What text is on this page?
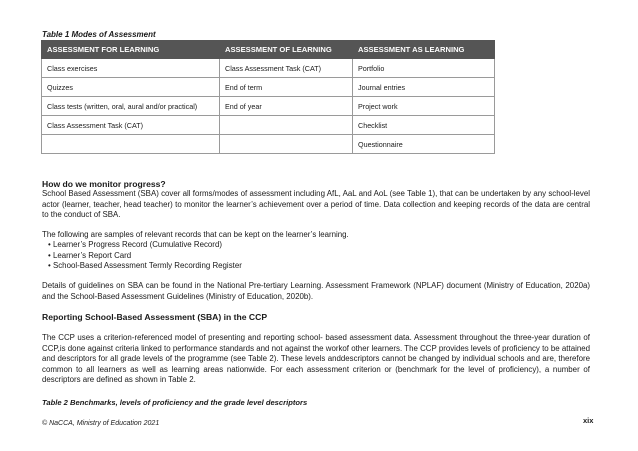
Table 1 Modes of Assessment
ASSESSMENT FOR LEARNING	ASSESSMENT OF LEARNING	ASSESSMENT AS LEARNING
Class exercises	Class Assessment Task (CAT)	Portfolio
Quizzes	End of term	Journal entries
Class tests (written, oral, aural and/or practical)	End of year	Project work
Class Assessment Task (CAT)		Checklist
		Questionnaire
How do we monitor progress?

School Based Assessment (SBA) cover all forms/modes of assessment including AfL, AaL and AoL (see Table 1), that can be undertaken by any school-level actor (learner, teacher, head teacher) to monitor the learner’s achievement over a period of time. Data collection and keeping records of the data are central to the conduct of SBA.

The following are samples of relevant records that can be kept on the learner’s learning.

• Learner’s Progress Record (Cumulative Record)
• Learner’s Report Card
• School-Based Assessment Termly Recording Register

Details of guidelines on SBA can be found in the National Pre-tertiary Learning. Assessment Framework (NPLAF) document (Ministry of Education, 2020a) and the School-Based Assessment Guidelines (Ministry of Education, 2020b).

Reporting School-Based Assessment (SBA) in the CCP

The CCP uses a criterion-referenced model of presenting and reporting school- based assessment data. Assessment throughout the three-year duration of CCP,is done against criteria linked to performance standards and not against the workof other learners. The CCP provides levels of proficiency to be attained and descriptors for all grade levels of the programme (see Table 2). These levels anddescriptors cannot be changed by individual schools and are, therefore common to all learners as well as learning areas nationwide. For each assessment criterion or (benchmark for the level of proficiency), a number of descriptors are defined as shown in Table 2.

Table 2 Benchmarks, levels of proficiency and the grade level descriptors
xix
© NaCCA, Ministry of Education 2021
